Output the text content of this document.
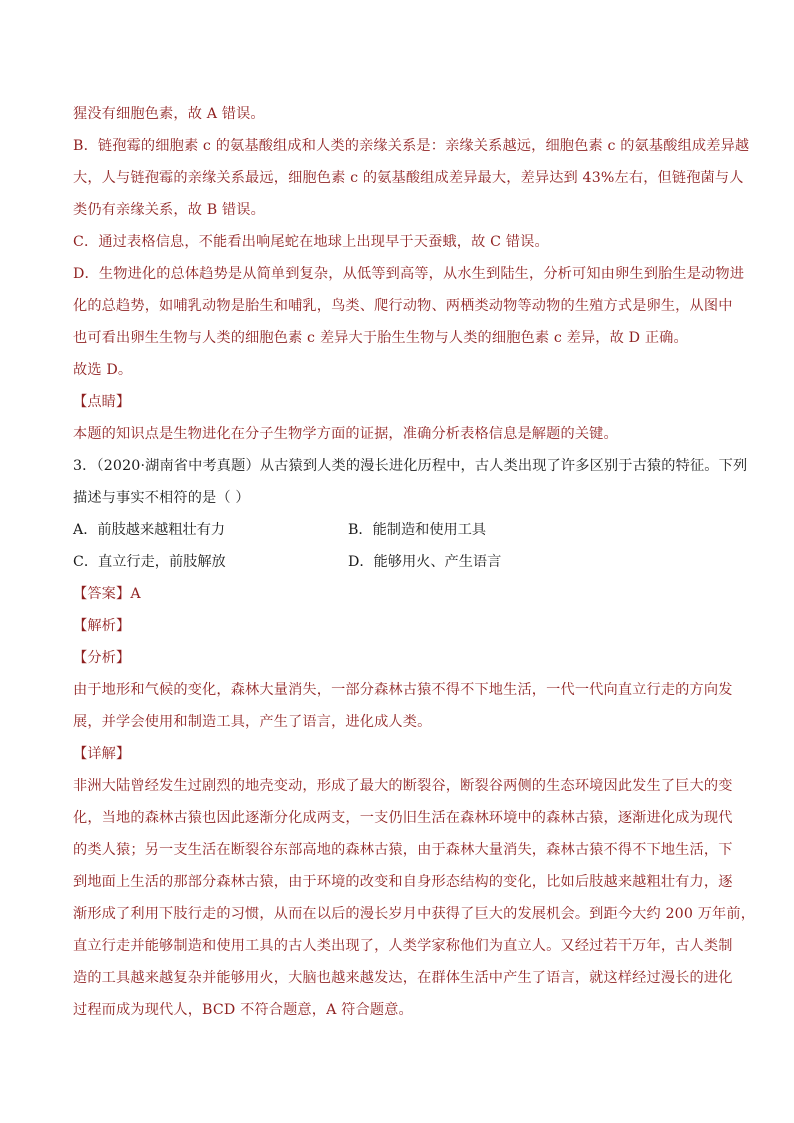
猩没有细胞色素，故 A 错误。
B．链孢霉的细胞素 c 的氨基酸组成和人类的亲缘关系是：亲缘关系越远，细胞色素 c 的氨基酸组成差异越
大，人与链孢霉的亲缘关系最远，细胞色素 c 的氨基酸组成差异最大，差异达到 43%左右，但链孢菌与人
类仍有亲缘关系，故 B 错误。
C．通过表格信息，不能看出响尾蛇在地球上出现早于天蚕蛾，故 C 错误。
D．生物进化的总体趋势是从简单到复杂，从低等到高等，从水生到陆生，分析可知由卵生到胎生是动物进
化的总趋势，如哺乳动物是胎生和哺乳，鸟类、爬行动物、两栖类动物等动物的生殖方式是卵生，从图中
也可看出卵生生物与人类的细胞色素 c 差异大于胎生生物与人类的细胞色素 c 差异，故 D 正确。
故选 D。
【点睛】
本题的知识点是生物进化在分子生物学方面的证据，准确分析表格信息是解题的关键。
3．（2020·湖南省中考真题）从古猿到人类的漫长进化历程中，古人类出现了许多区别于古猿的特征。下列
描述与事实不相符的是（ ）
A．前肢越来越粗壮有力	B．能制造和使用工具
C．直立行走，前肢解放	D．能够用火、产生语言
【答案】A
【解析】
【分析】
由于地形和气候的变化，森林大量消失，一部分森林古猿不得不下地生活，一代一代向直立行走的方向发
展，并学会使用和制造工具，产生了语言，进化成人类。
【详解】
非洲大陆曾经发生过剧烈的地壳变动，形成了最大的断裂谷，断裂谷两侧的生态环境因此发生了巨大的变
化，当地的森林古猿也因此逐渐分化成两支，一支仍旧生活在森林环境中的森林古猿，逐渐进化成为现代
的类人猿；另一支生活在断裂谷东部高地的森林古猿，由于森林大量消失，森林古猿不得不下地生活，下
到地面上生活的那部分森林古猿，由于环境的改变和自身形态结构的变化，比如后肢越来越粗壮有力，逐
渐形成了利用下肢行走的习惯，从而在以后的漫长岁月中获得了巨大的发展机会。到距今大约 200 万年前，
直立行走并能够制造和使用工具的古人类出现了，人类学家称他们为直立人。又经过若干万年，古人类制
造的工具越来越复杂并能够用火，大脑也越来越发达，在群体生活中产生了语言，就这样经过漫长的进化
过程而成为现代人，BCD 不符合题意，A 符合题意。
